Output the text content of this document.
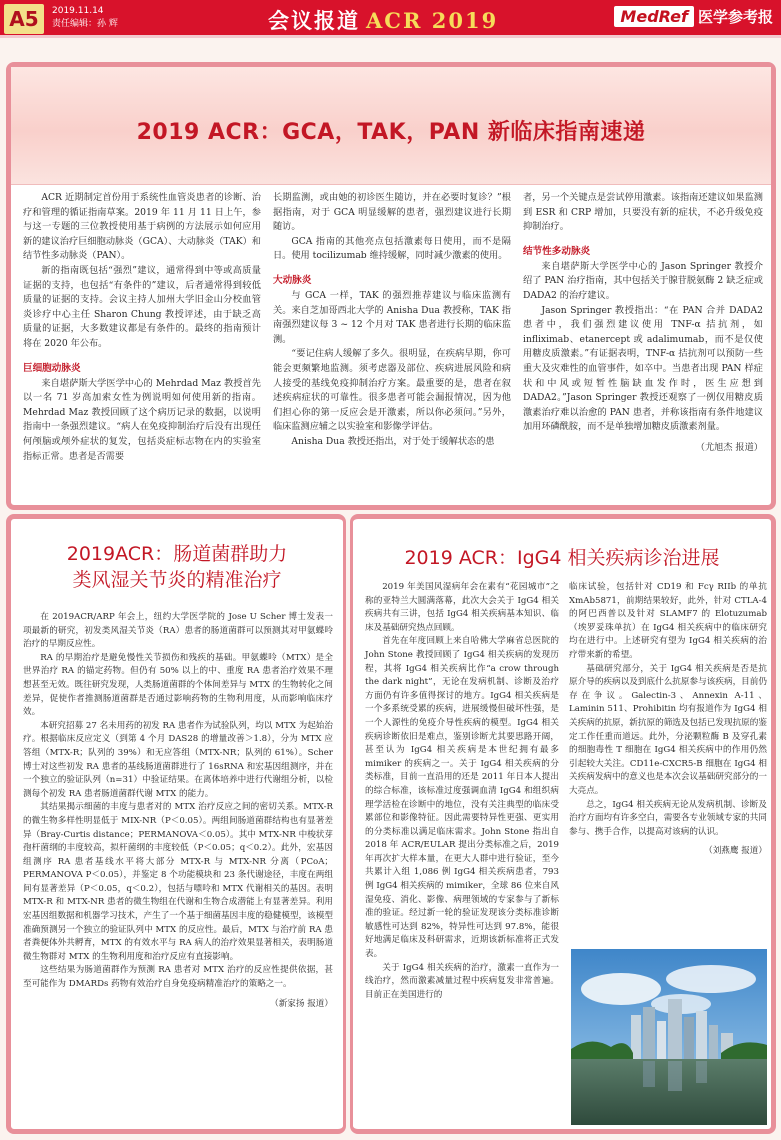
A5	2019.11.14
责任编辑：孙 辉	会议报道 ACR 2019	MedRef 医学参考报
2019 ACR：GCA，TAK，PAN 新临床指南速递

ACR 近期制定首份用于系统性血管炎患者的诊断、治疗和管理的循证指南草案。2019 年 11 月 11 日上午，参与这一专题的三位教授使用基于病例的方法展示如何应用新的建议治疗巨细胞动脉炎（GCA）、大动脉炎（TAK）和结节性多动脉炎（PAN）。

新的指南既包括“强烈”建议，通常得到中等或高质量证据的支持，也包括“有条件的”建议，后者通常得到较低质量的证据的支持。会议主持人加州大学旧金山分校血管炎诊疗中心主任 Sharon Chung 教授评述，由于缺乏高质量的证据，大多数建议都是有条件的。最终的指南预计将在 2020 年公布。

巨细胞动脉炎

来自堪萨斯大学医学中心的 Mehrdad Maz 教授首先以一名 71 岁高加索女性为例说明如何使用新的指南。Mehrdad Maz 教授回顾了这个病历记录的数据，以说明指南中一条强烈建议。“病人在免疫抑制治疗后没有出现任何颅脑或颅外症状的复发，包括炎症标志物在内的实验室指标正常。患者是否需要

长期监测，或由她的初诊医生随访，并在必要时复诊？”根据指南，对于 GCA 明显缓解的患者，强烈建议进行长期随访。

GCA 指南的其他亮点包括激素每日使用，而不是隔日。使用 tocilizumab 维持缓解，同时减少激素的使用。

大动脉炎

与 GCA 一样，TAK 的强烈推荐建议与临床监测有关。来自芝加哥西北大学的 Anisha Dua 教授称，TAK 指南强烈建议每 3 ~ 12 个月对 TAK 患者进行长期的临床监测。

“要记住病人缓解了多久。很明显，在疾病早期，你可能会更频繁地监测。须考虑器及部位、疾病进展风险和病人接受的基线免疫抑制治疗方案。最重要的是，患者在叙述疾病症状的可靠性。很多患者可能会漏报情况，因为他们担心你的第一反应会是开激素，所以你必须问。”另外，临床监测应辅之以实验室和影像学评估。

Anisha Dua 教授还指出，对于处于缓解状态的患

者，另一个关键点是尝试停用激素。该指南还建议如果监测到 ESR 和 CRP 增加，只要没有新的症状，不必升级免疫抑制治疗。

结节性多动脉炎

来自堪萨斯大学医学中心的 Jason Springer 教授介绍了 PAN 治疗指南，其中包括关于腺苷脱氨酶 2 缺乏症或 DADA2 的治疗建议。

Jason Springer 教授指出：“在 PAN 合并 DADA2 患者中，我们强烈建议使用 TNF-α 拮抗剂，如 infliximab、etanercept 或 adalimumab，而不是仅使用糖皮质激素。”有证据表明，TNF-α 拮抗剂可以预防一些重大及灾难性的血管事件，如卒中。当患者出现 PAN 样症状和中风或短暂性脑缺血发作时，医生应想到 DADA2。”Jason Springer 教授还观察了一例仅用糖皮质激素治疗难以治愈的 PAN 患者，并称该指南有条件地建议加用环磷酰胺，而不是单独增加糖皮质激素剂量。

（尤旭杰 报道）

2019ACR：肠道菌群助力
类风湿关节炎的精准治疗

在 2019ACR/ARP 年会上，纽约大学医学院的 Jose U Scher 博士发表一项最新的研究，初发类风湿关节炎（RA）患者的肠道菌群可以预测其对甲氨蝶呤治疗的早期反应性。

RA 的早期治疗是避免慢性关节损伤和残疾的基础。甲氨蝶呤（MTX）是全世界治疗 RA 的锚定药物。但仍有 50% 以上的中、重度 RA 患者治疗效果不理想甚至无效。既往研究发现，人类肠道菌群的个体间差异与 MTX 的生物转化之间差异，促使作者推测肠道菌群是否通过影响药物的生物利用度，从而影响临床疗效。

本研究招募 27 名未用药的初发 RA 患者作为试验队列，均以 MTX 为起始治疗。根据临床反应定义（到第 4 个月 DAS28 的增量改善＞1.8），分为 MTX 应答组（MTX-R；队列的 39%）和无应答组（MTX-NR；队列的 61%）。Scher 博士对这些初发 RA 患者的基线肠道菌群进行了 16sRNA 和宏基因组测序，并在一个独立的验证队列（n=31）中验证结果。在离体培养中进行代谢组分析，以检测每个初发 RA 患者肠道菌群代谢 MTX 的能力。

其结果揭示细菌的丰度与患者对的 MTX 治疗反应之间的密切关系。MTX-R 的微生物多样性明显低于 MIX-NR（P＜0.05）。两组间肠道菌群结构也有显著差异（Bray-Curtis distance；PERMANOVA＜0.05）。其中 MTX-NR 中梭状芽孢杆菌纲的丰度较高，拟杆菌纲的丰度较低（P＜0.05；q＜0.2）。此外，宏基因组测序 RA 患者基线水平将大部分 MTX-R 与 MTX-NR 分离（PCoA；PERMANOVA P＜0.05），并鉴定 8 个功能模块和 23 条代谢途径，丰度在两组间有显著差异（P＜0.05，q＜0.2），包括与嘌呤和 MTX 代谢相关的基因。表明 MTX-R 和 MTX-NR 患者的微生物组在代谢和生物合成潜能上有显著差异。利用宏基因组数据和机器学习技术，产生了一个基于细菌基因丰度的稳健模型，该模型准确预测另一个独立的验证队列中 MTX 的反应性。最后，MTX 与治疗前 RA 患者粪便体外共孵育，MTX 的有效水平与 RA 病人的治疗效果显著相关，表明肠道微生物群对 MTX 的生物利用度和治疗反应有直接影响。

这些结果为肠道菌群作为预测 RA 患者对 MTX 治疗的反应性提供依据，甚至可能作为 DMARDs 药物有效治疗自身免疫病精准治疗的策略之一。

（新家扬 报道）

2019 ACR：IgG4 相关疾病诊治进展

2019 年美国风湿病年会在素有“花园城市”之称的亚特兰大圆满落幕，此次大会关于 IgG4 相关疾病共有三讲，包括 IgG4 相关疾病基本知识、临床及基础研究热点回顾。

首先在年度回顾上来自哈佛大学麻省总医院的 John Stone 教授回顾了 IgG4 相关疾病的发现历程，其将 IgG4 相关疾病比作“a crow through the dark night”，无论在发病机制、诊断及治疗方面仍有许多值得探讨的地方。IgG4 相关疾病是一个多系统受累的疾病，进展缓慢但破坏性强，是一个人源性的免疫介导性疾病的模型。IgG4 相关疾病诊断依旧是难点，鉴别诊断尤其要思路开阔，甚至认为 IgG4 相关疾病是本世纪拥有最多 mimiker 的疾病之一。关于 IgG4 相关疾病的分类标准，目前一直沿用的还是 2011 年日本人提出的综合标准，该标准过度强调血清 IgG4 和组织病理学活检在诊断中的地位，没有关注典型的临床受累部位和影像特征。因此需要特异性更强、更实用的分类标准以满足临床需求。John Stone 指出自 2018 年 ACR/EULAR 提出分类标准之后，2019 年再次扩大样本量，在更大人群中进行验证，至今共累计入组 1,086 例 IgG4 相关疾病患者，793 例 IgG4 相关疾病的 mimiker，全球 86 位来自风湿免疫、消化、影像、病理领域的专家参与了新标准的验证。经过新一轮的验证发现该分类标准诊断敏感性可达到 82%，特异性可达到 97.8%，能很好地满足临床及科研需求，近期该新标准将正式发表。

关于 IgG4 相关疾病的治疗，激素一直作为一线治疗，然而激素减量过程中疾病复发非常普遍。目前正在美国进行的

临床试验，包括针对 CD19 和 Fcγ RIIb 的单抗 XmAb5871，前期结果较好，此外，针对 CTLA-4 的阿巴西普以及针对 SLAMF7 的 Elotuzumab（埃罗妥珠单抗）在 IgG4 相关疾病中的临床研究均在进行中。上述研究有望为 IgG4 相关疾病的治疗带来新的希望。

基础研究部分，关于 IgG4 相关疾病是否是抗原介导的疾病以及到底什么抗原参与该疾病，目前仍存在争议。Galectin-3、Annexin A-11、Laminin 511、Prohibitin 均有报道作为 IgG4 相关疾病的抗原，新抗原的筛选及包括已发现抗原的鉴定工作任重而道远。此外，分泌颗粒酶 B 及穿孔素的细胞毒性 T 细胞在 IgG4 相关疾病中的作用仍然引起较大关注。CD11e-CXCR5-B 细胞在 IgG4 相关疾病发病中的意义也是本次会议基础研究部分的一大亮点。

总之，IgG4 相关疾病无论从发病机制、诊断及治疗方面均有许多空白，需要各专业领域专家的共同参与、携手合作，以提高对该病的认识。

（刘燕鹰 报道）
